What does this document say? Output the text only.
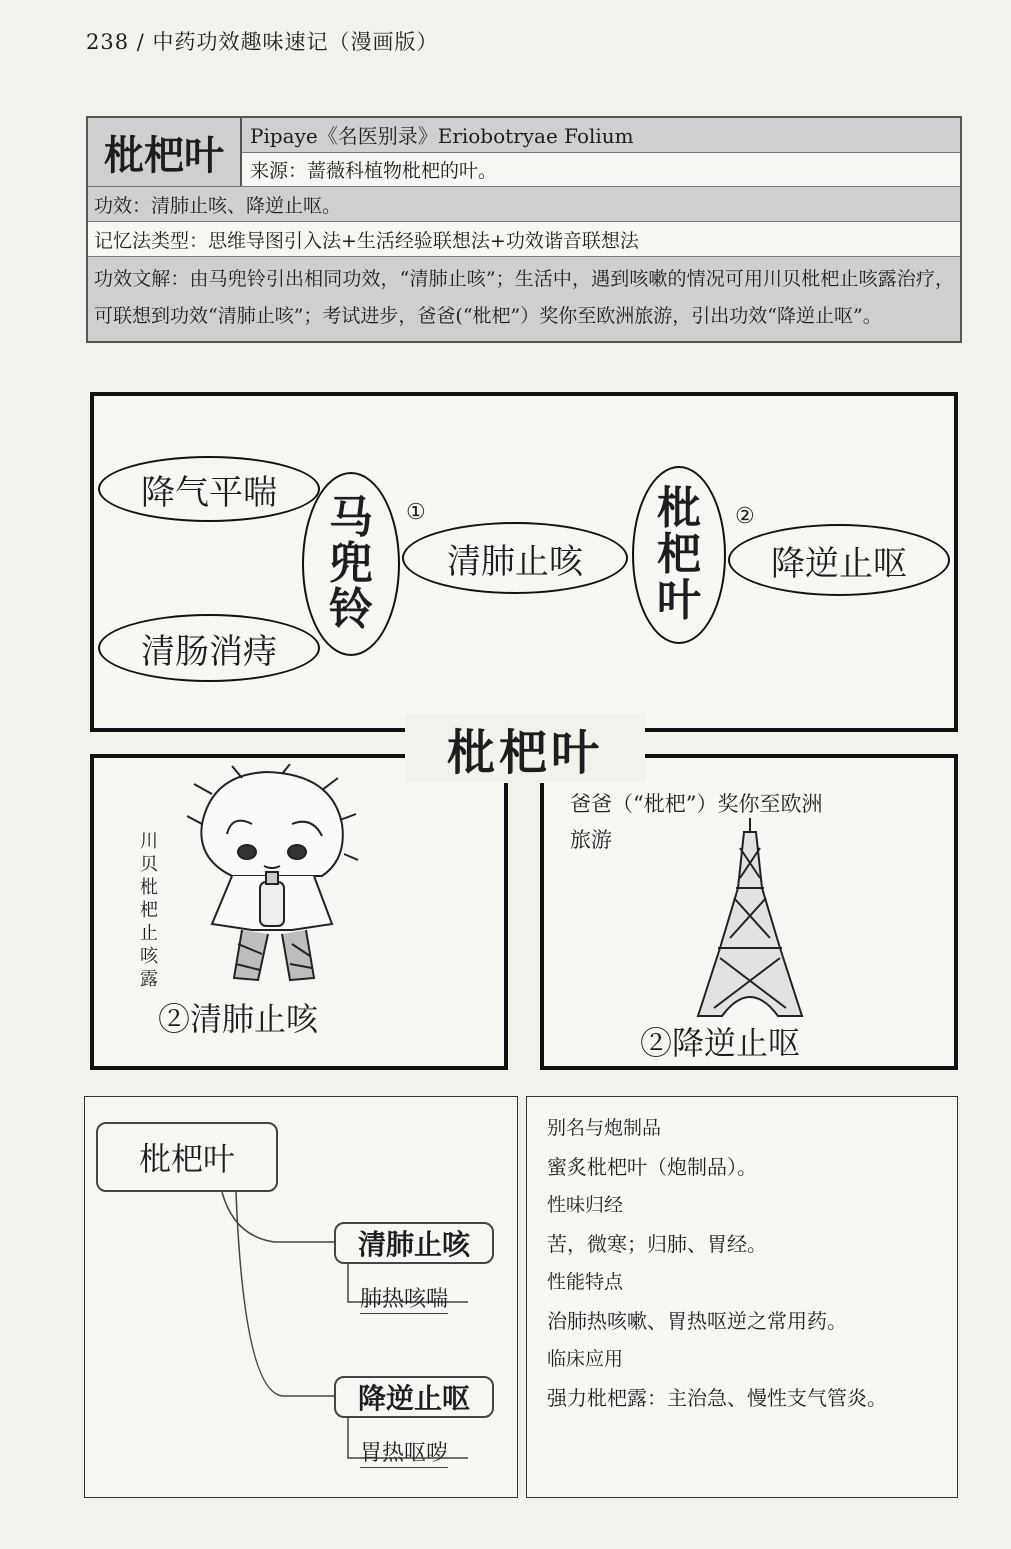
238 / 中药功效趣味速记（漫画版）
枇杷叶	Pipaye《名医别录》Eriobotryae Folium
来源：蔷薇科植物枇杷的叶。
功效：清肺止咳、降逆止呕。
记忆法类型：思维导图引入法+生活经验联想法+功效谐音联想法
功效文解：由马兜铃引出相同功效，“清肺止咳”；生活中，遇到咳嗽的情况可用川贝枇杷止咳露治疗，可联想到功效“清肺止咳”；考试进步，爸爸(“枇杷”）奖你至欧洲旅游，引出功效“降逆止呕”。
降气平喘
清肠消痔
马
兜
铃
①
清肺止咳
枇
杷
叶
②
降逆止呕
枇杷叶
川
贝
枇
杷
止
咳
露
②清肺止咳
爸爸（“枇杷”）奖你至欧洲
旅游
②降逆止呕
枇杷叶
清肺止咳
肺热咳喘
降逆止呕
胃热呕哕
别名与炮制品
蜜炙枇杷叶（炮制品）。
性味归经
苦，微寒；归肺、胃经。
性能特点
治肺热咳嗽、胃热呕逆之常用药。
临床应用
强力枇杷露：主治急、慢性支气管炎。
